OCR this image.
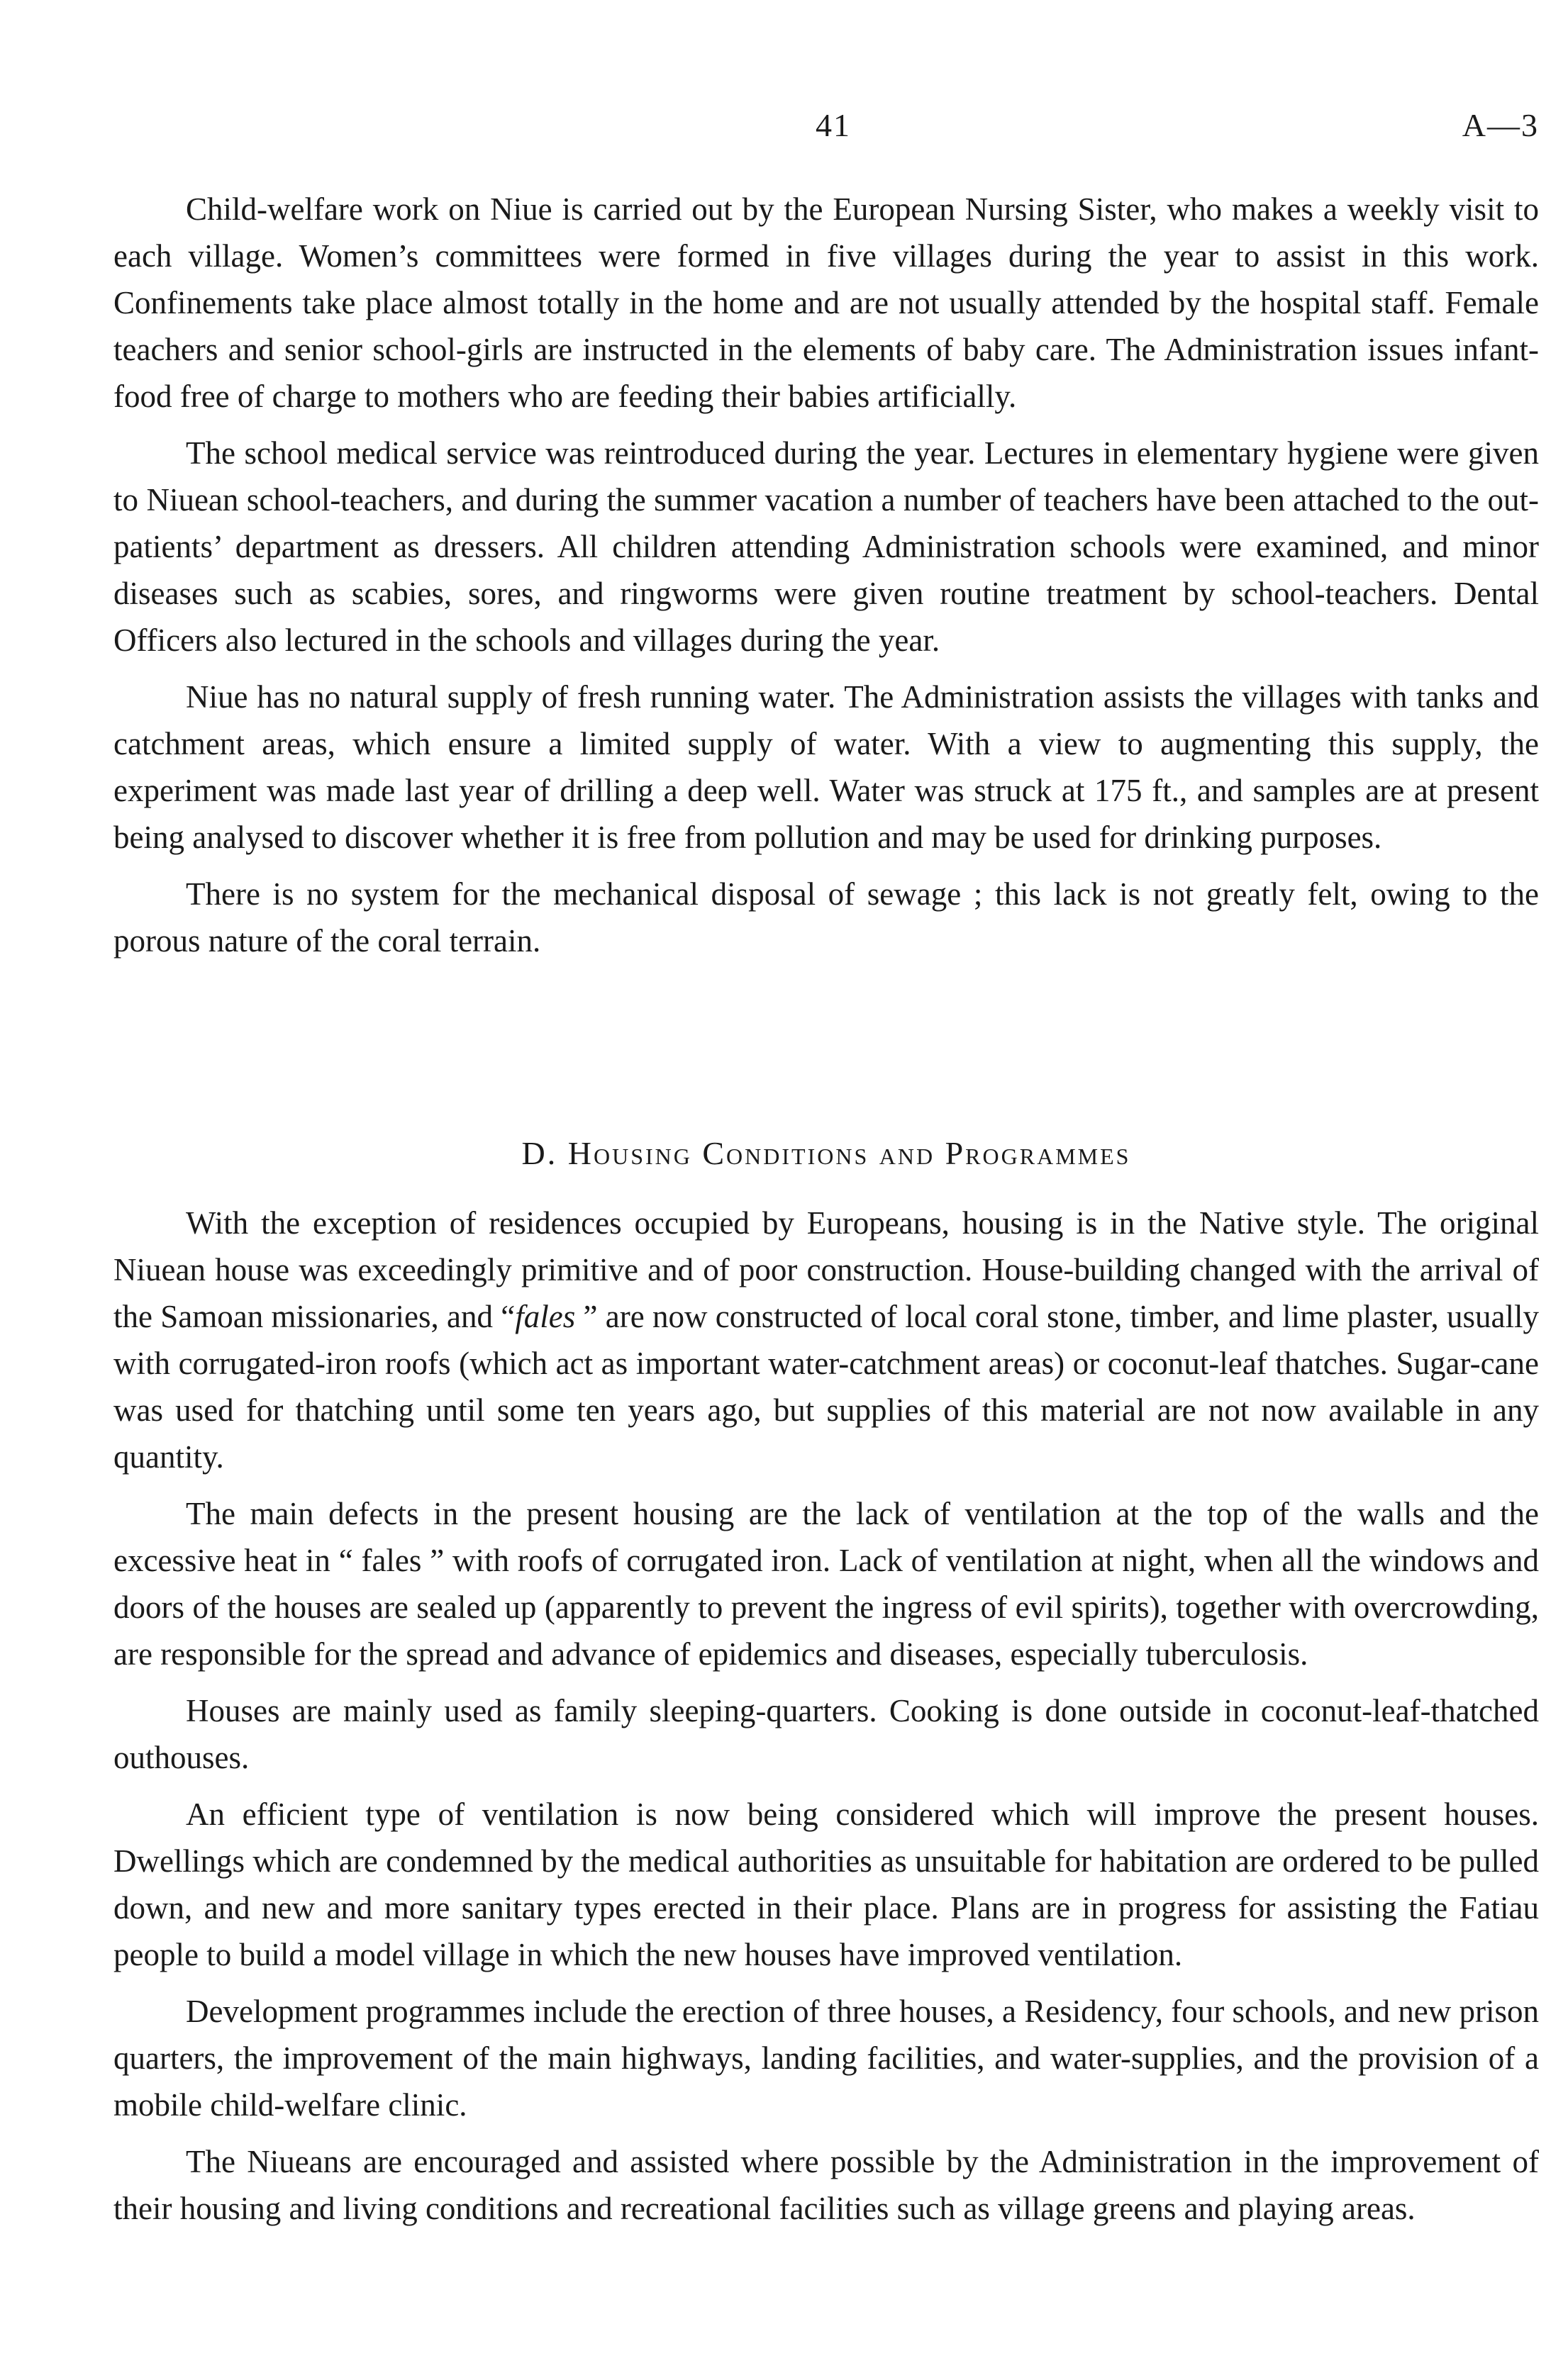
41	A—3

Child-welfare work on Niue is carried out by the European Nursing Sister, who makes a weekly visit to each village. Women’s committees were formed in five villages during the year to assist in this work. Confinements take place almost totally in the home and are not usually attended by the hospital staff. Female teachers and senior school-girls are instructed in the elements of baby care. The Administration issues infant-food free of charge to mothers who are feeding their babies artificially.

The school medical service was reintroduced during the year. Lectures in elementary hygiene were given to Niuean school-teachers, and during the summer vacation a number of teachers have been attached to the out-patients’ department as dressers. All children attending Administration schools were examined, and minor diseases such as scabies, sores, and ringworms were given routine treatment by school-teachers. Dental Officers also lectured in the schools and villages during the year.

Niue has no natural supply of fresh running water. The Administration assists the villages with tanks and catchment areas, which ensure a limited supply of water. With a view to augmenting this supply, the experiment was made last year of drilling a deep well. Water was struck at 175 ft., and samples are at present being analysed to discover whether it is free from pollution and may be used for drinking purposes.

There is no system for the mechanical disposal of sewage ; this lack is not greatly felt, owing to the porous nature of the coral terrain.

D. Housing Conditions and Programmes

With the exception of residences occupied by Europeans, housing is in the Native style. The original Niuean house was exceedingly primitive and of poor construction. House-building changed with the arrival of the Samoan missionaries, and “fales ” are now constructed of local coral stone, timber, and lime plaster, usually with corrugated-iron roofs (which act as important water-catchment areas) or coconut-leaf thatches. Sugar-cane was used for thatching until some ten years ago, but supplies of this material are not now available in any quantity.

The main defects in the present housing are the lack of ventilation at the top of the walls and the excessive heat in “ fales ” with roofs of corrugated iron. Lack of ventilation at night, when all the windows and doors of the houses are sealed up (apparently to prevent the ingress of evil spirits), together with overcrowding, are responsible for the spread and advance of epidemics and diseases, especially tuberculosis.

Houses are mainly used as family sleeping-quarters. Cooking is done outside in coconut-leaf-thatched outhouses.

An efficient type of ventilation is now being considered which will improve the present houses. Dwellings which are condemned by the medical authorities as unsuitable for habitation are ordered to be pulled down, and new and more sanitary types erected in their place. Plans are in progress for assisting the Fatiau people to build a model village in which the new houses have improved ventilation.

Development programmes include the erection of three houses, a Residency, four schools, and new prison quarters, the improvement of the main highways, landing facilities, and water-supplies, and the provision of a mobile child-welfare clinic.

The Niueans are encouraged and assisted where possible by the Administration in the improvement of their housing and living conditions and recreational facilities such as village greens and playing areas.
